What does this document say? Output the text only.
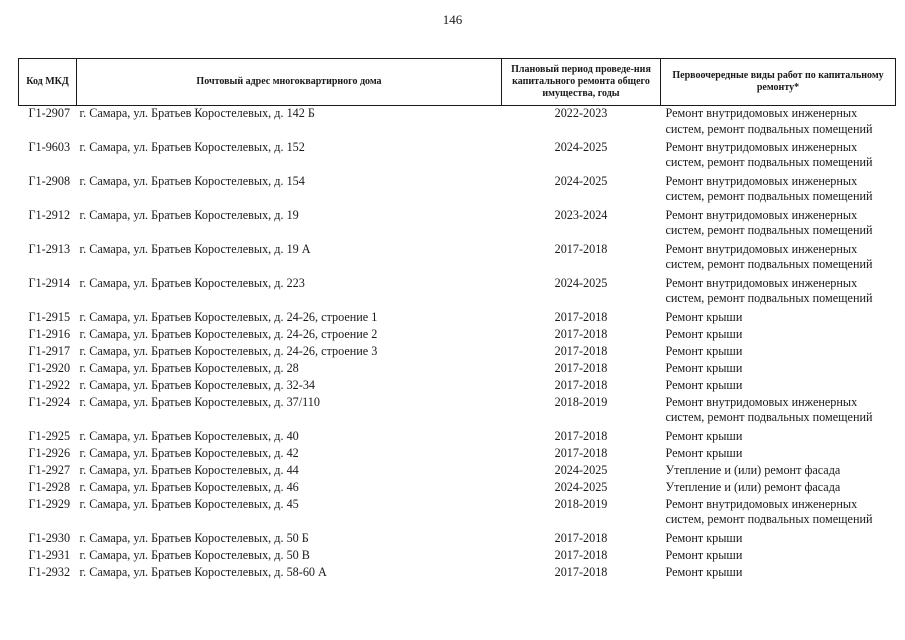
146
Код МКД	Почтовый адрес многоквартирного дома	Плановый период проведе-ния капитального ремонта общего имущества, годы	Первоочередные виды работ по капитальному ремонту*
Г1-2907	г. Самара, ул. Братьев Коростелевых, д. 142 Б	2022-2023	Ремонт внутридомовых инженерных систем, ремонт подвальных помещений
Г1-9603	г. Самара, ул. Братьев Коростелевых, д. 152	2024-2025	Ремонт внутридомовых инженерных систем, ремонт подвальных помещений
Г1-2908	г. Самара, ул. Братьев Коростелевых, д. 154	2024-2025	Ремонт внутридомовых инженерных систем, ремонт подвальных помещений
Г1-2912	г. Самара, ул. Братьев Коростелевых, д. 19	2023-2024	Ремонт внутридомовых инженерных систем, ремонт подвальных помещений
Г1-2913	г. Самара, ул. Братьев Коростелевых, д. 19 А	2017-2018	Ремонт внутридомовых инженерных систем, ремонт подвальных помещений
Г1-2914	г. Самара, ул. Братьев Коростелевых, д. 223	2024-2025	Ремонт внутридомовых инженерных систем, ремонт подвальных помещений
Г1-2915	г. Самара, ул. Братьев Коростелевых, д. 24-26, строение 1	2017-2018	Ремонт крыши
Г1-2916	г. Самара, ул. Братьев Коростелевых, д. 24-26, строение 2	2017-2018	Ремонт крыши
Г1-2917	г. Самара, ул. Братьев Коростелевых, д. 24-26, строение 3	2017-2018	Ремонт крыши
Г1-2920	г. Самара, ул. Братьев Коростелевых, д. 28	2017-2018	Ремонт крыши
Г1-2922	г. Самара, ул. Братьев Коростелевых, д. 32-34	2017-2018	Ремонт крыши
Г1-2924	г. Самара, ул. Братьев Коростелевых, д. 37/110	2018-2019	Ремонт внутридомовых инженерных систем, ремонт подвальных помещений
Г1-2925	г. Самара, ул. Братьев Коростелевых, д. 40	2017-2018	Ремонт крыши
Г1-2926	г. Самара, ул. Братьев Коростелевых, д. 42	2017-2018	Ремонт крыши
Г1-2927	г. Самара, ул. Братьев Коростелевых, д. 44	2024-2025	Утепление и (или) ремонт фасада
Г1-2928	г. Самара, ул. Братьев Коростелевых, д. 46	2024-2025	Утепление и (или) ремонт фасада
Г1-2929	г. Самара, ул. Братьев Коростелевых, д. 45	2018-2019	Ремонт внутридомовых инженерных систем, ремонт подвальных помещений
Г1-2930	г. Самара, ул. Братьев Коростелевых, д. 50 Б	2017-2018	Ремонт крыши
Г1-2931	г. Самара, ул. Братьев Коростелевых, д. 50 В	2017-2018	Ремонт крыши
Г1-2932	г. Самара, ул. Братьев Коростелевых, д. 58-60 А	2017-2018	Ремонт крыши
